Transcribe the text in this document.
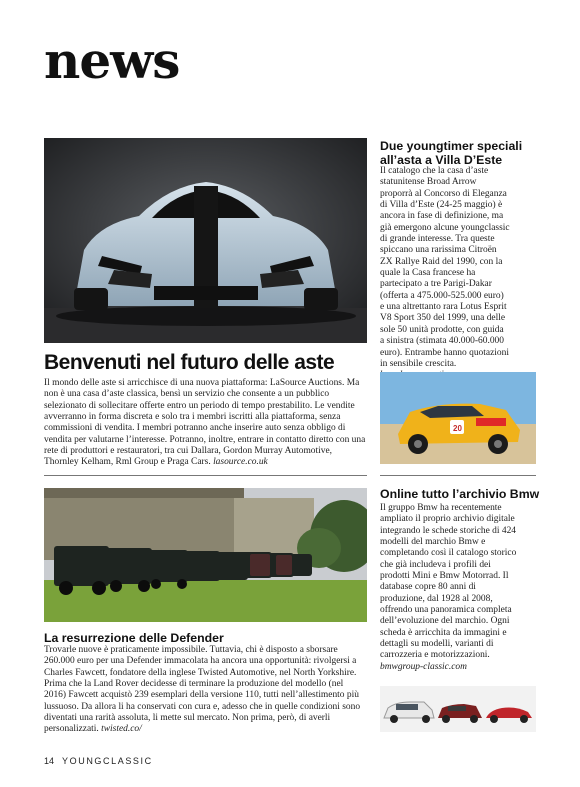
news
Benvenuti nel futuro delle aste

Il mondo delle aste si arricchisce di una nuova piattaforma: LaSource Auctions. Ma non è una casa d’aste classica, bensì un servizio che consente a un pubblico selezionato di sollecitare offerte entro un periodo di tempo prestabilito. Le vendite avverranno in forma discreta e solo tra i membri iscritti alla piattaforma, senza commissioni di vendita. I membri potranno anche inserire auto senza obbligo di vendita per valutarne l’interesse. Potranno, inoltre, entrare in contatto diretto con una rete di produttori e restauratori, tra cui Dallara, Gordon Murray Automotive, Thornley Kelham, Rml Group e Praga Cars. lasource.co.uk

La resurrezione delle Defender

Trovarle nuove è praticamente impossibile. Tuttavia, chi è disposto a sborsare 260.000 euro per una Defender immacolata ha ancora una opportunità: rivolgersi a Charles Fawcett, fondatore della inglese Twisted Automotive, nel North Yorkshire. Prima che la Land Rover decidesse di terminare la produzione del modello (nel 2016) Fawcett acquistò 239 esemplari della versione 110, tutti nell’allestimento più lussuoso. Da allora li ha conservati con cura e, adesso che in quelle condizioni sono diventati una rarità assoluta, li mette sul mercato. Non prima, però, di averli personalizzati. twisted.co/

Due youngtimer speciali all’asta a Villa D’Este

Il catalogo che la casa d’aste statunitense Broad Arrow proporrà al Concorso di Eleganza di Villa d’Este (24-25 maggio) è ancora in fase di definizione, ma già emergono alcune youngclassic di grande interesse. Tra queste spiccano una rarissima Citroën ZX Rallye Raid del 1990, con la quale la Casa francese ha partecipato a tre Parigi-Dakar (offerta a 475.000-525.000 euro) e una altrettanto rara Lotus Esprit V8 Sport 350 del 1999, una delle sole 50 unità prodotte, con guida a sinistra (stimata 40.000-60.000 euro). Entrambe hanno quotazioni in sensibile crescita.

20
Online tutto l’archivio Bmw

Il gruppo Bmw ha recentemente ampliato il proprio archivio digitale integrando le schede storiche di 424 modelli del marchio Bmw e completando così il catalogo storico che già includeva i profili dei prodotti Mini e Bmw Motorrad. Il database copre 80 anni di produzione, dal 1928 al 2008, offrendo una panoramica completa dell’evoluzione del marchio. Ogni scheda è arricchita da immagini e dettagli su modelli, varianti di carrozzeria e motorizzazioni. bmwgroup-classic.com

14 YOUNGCLASSIC
